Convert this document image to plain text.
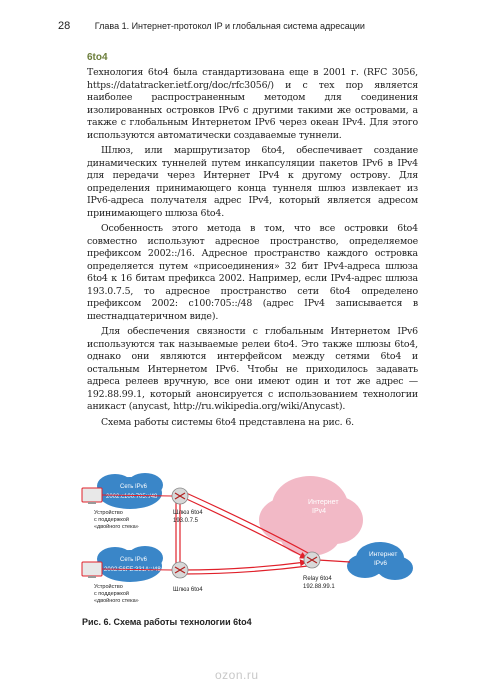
28	Глава 1. Интернет-протокол IP и глобальная система адресации
6to4

Технология 6to4 была стандартизована еще в 2001 г. (RFC 3056, https://datatracker.ietf.org/doc/rfc3056/) и с тех пор является наиболее распространенным методом для соединения изолированных островков IPv6 с другими такими же островами, а также с глобальным Интернетом IPv6 через океан IPv4. Для этого используются автоматически создаваемые туннели.

Шлюз, или маршрутизатор 6to4, обеспечивает создание динамических туннелей путем инкапсуляции пакетов IPv6 в IPv4 для передачи через Интернет IPv4 к другому острову. Для определения принимающего конца туннеля шлюз извлекает из IPv6-адреса получателя адрес IPv4, который является адресом принимающего шлюза 6to4.

Особенность этого метода в том, что все островки 6to4 совместно используют адресное пространство, определяемое префиксом 2002::/16. Адресное пространство каждого островка определяется путем «присоединения» 32 бит IPv4-адреса шлюза 6to4 к 16 битам префикса 2002. Например, если IPv4-адрес шлюза 193.0.7.5, то адресное пространство сети 6to4 определено префиксом 2002: c100:705::/48 (адрес IPv4 записывается в шестнадцатеричном виде).

Для обеспечения связности с глобальным Интернетом IPv6 используются так называемые релеи 6to4. Это также шлюзы 6to4, однако они являются интерфейсом между сетями 6to4 и остальным Интернетом IPv6. Чтобы не приходилось задавать адреса релеев вручную, все они имеют один и тот же адрес — 192.88.99.1, который анонсируется с использованием технологии аникаст (anycast, http://ru.wikipedia.org/wiki/Anycast).

Схема работы системы 6to4 представлена на рис. 6.

Интернет
IPv4
Интернет
IPv6
Сеть IPv6
2002:c100:705::/48
Сеть IPv6
2002:56FE:331A::/48
Шлюз 6to4
193.0.7.5
Шлюз 6to4
Relay 6to4
192.88.99.1
Устройство
с поддержкой
«двойного стека»
Устройство
с поддержкой
«двойного стека»
Рис. 6. Схема работы технологии 6to4
ozon.ru
